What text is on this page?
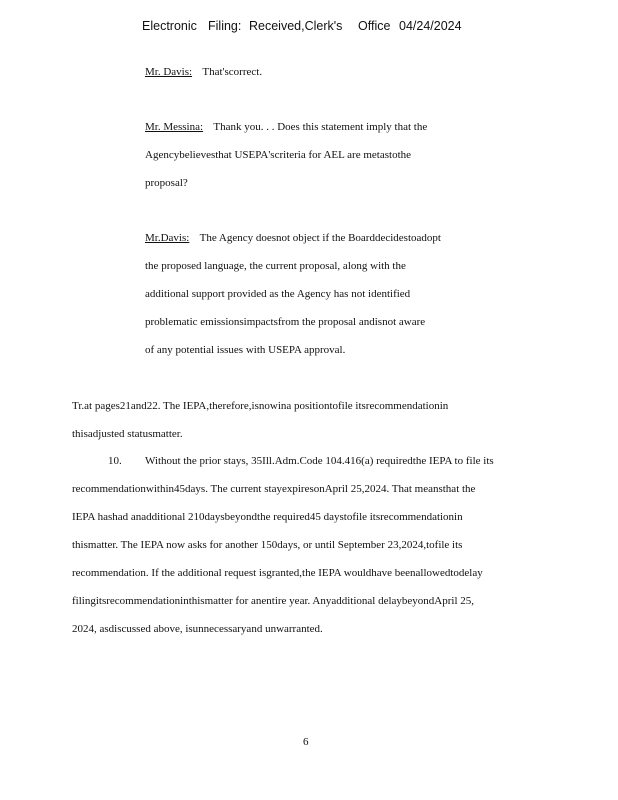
Electronic Filing: Received,Clerk's Office 04/24/2024
Mr. Davis: That'scorrect.
Mr. Messina: Thank you. . . Does this statement imply that the
Agencybelievesthat USEPA'scriteria for AEL are metastothe
proposal?
Mr.Davis: The Agency doesnot object if the Boarddecidestoadopt
the proposed language, the current proposal, along with the
additional support provided as the Agency has not identified
problematic emissionsimpactsfrom the proposal andisnot aware
of any potential issues with USEPA approval.
Tr.at pages21and22. The IEPA,therefore,isnowina positiontofile itsrecommendationin
thisadjusted statusmatter.
10. Without the prior stays, 35Ill.Adm.Code 104.416(a) requiredthe IEPA to file its
recommendationwithin45days. The current stayexpiresonApril 25,2024. That meansthat the
IEPA hashad anadditional 210daysbeyondthe required45 daystofile itsrecommendationin
thismatter. The IEPA now asks for another 150days, or until September 23,2024,tofile its
recommendation. If the additional request isgranted,the IEPA wouldhave beenallowedtodelay
filingitsrecommendationinthismatter for anentire year. Anyadditional delaybeyondApril 25,
2024, asdiscussed above, isunnecessaryand unwarranted.
6
